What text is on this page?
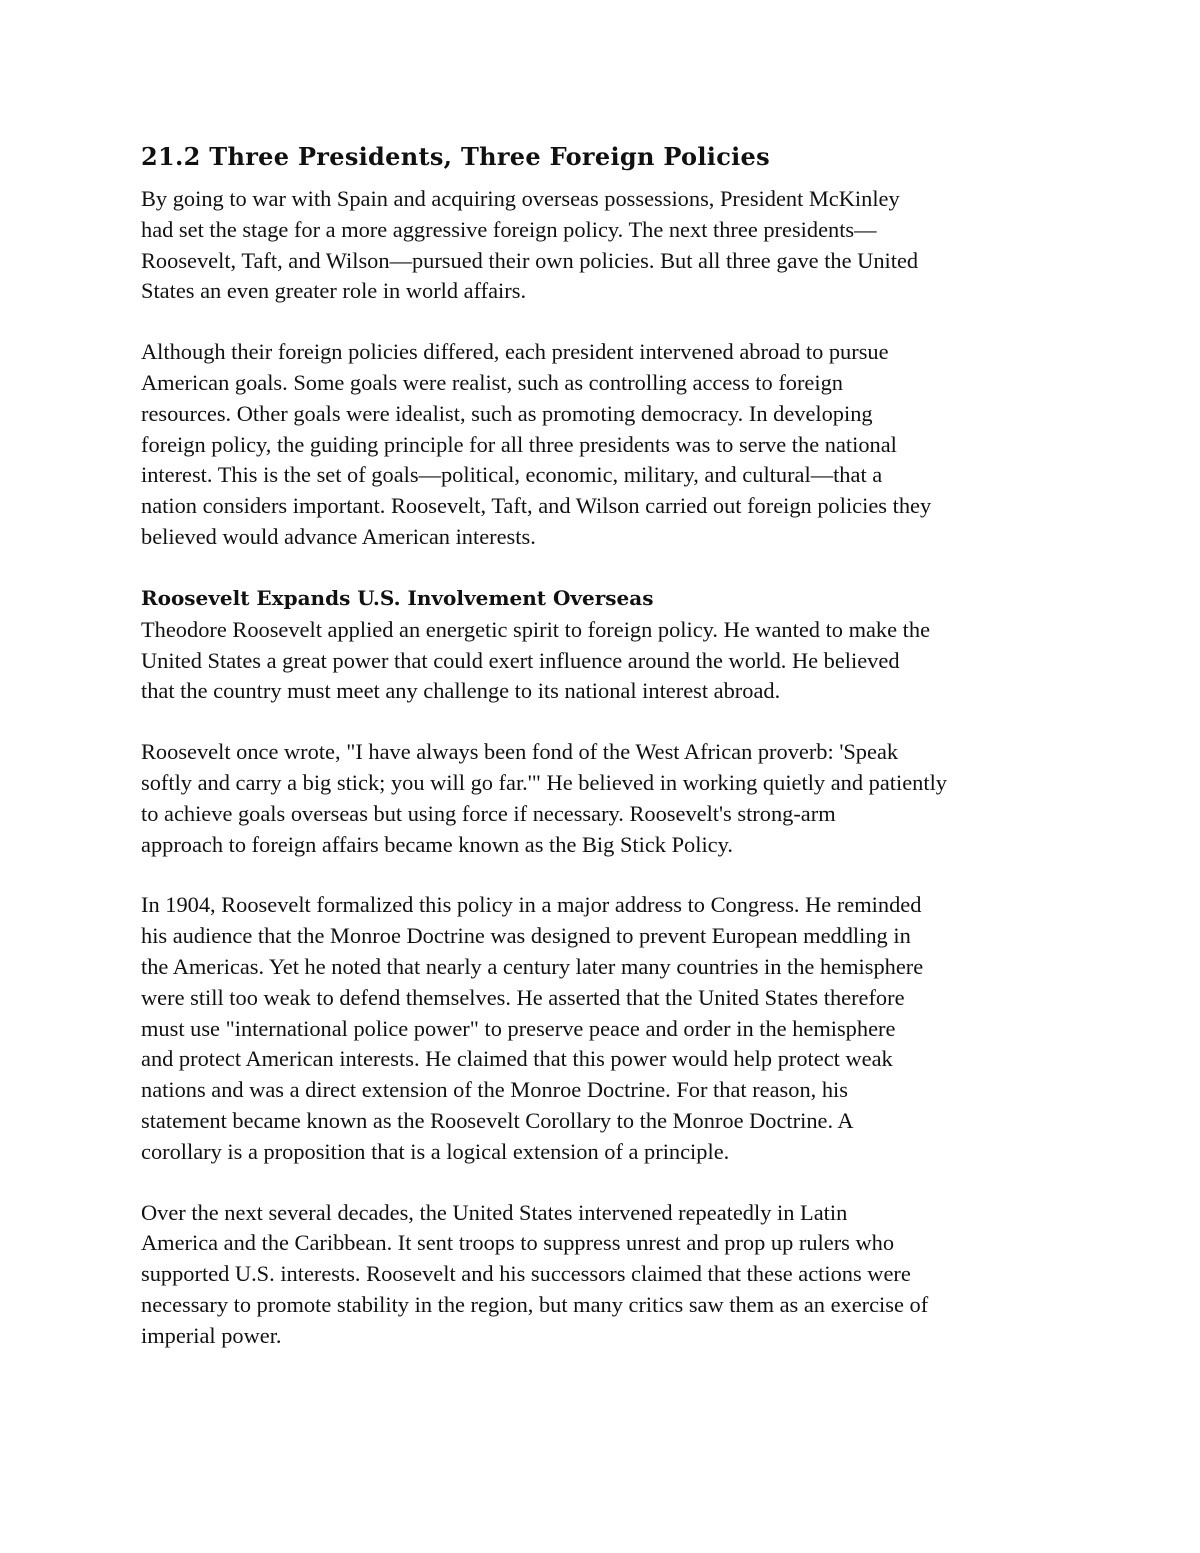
21.2 Three Presidents, Three Foreign Policies

By going to war with Spain and acquiring overseas possessions, President McKinley
had set the stage for a more aggressive foreign policy. The next three presidents—
Roosevelt, Taft, and Wilson—pursued their own policies. But all three gave the United
States an even greater role in world affairs.

Although their foreign policies differed, each president intervened abroad to pursue
American goals. Some goals were realist, such as controlling access to foreign
resources. Other goals were idealist, such as promoting democracy. In developing
foreign policy, the guiding principle for all three presidents was to serve the national
interest. This is the set of goals—political, economic, military, and cultural—that a
nation considers important. Roosevelt, Taft, and Wilson carried out foreign policies they
believed would advance American interests.

Roosevelt Expands U.S. Involvement Overseas

Theodore Roosevelt applied an energetic spirit to foreign policy. He wanted to make the
United States a great power that could exert influence around the world. He believed
that the country must meet any challenge to its national interest abroad.

Roosevelt once wrote, "I have always been fond of the West African proverb: 'Speak
softly and carry a big stick; you will go far.'" He believed in working quietly and patiently
to achieve goals overseas but using force if necessary. Roosevelt's strong-arm
approach to foreign affairs became known as the Big Stick Policy.

In 1904, Roosevelt formalized this policy in a major address to Congress. He reminded
his audience that the Monroe Doctrine was designed to prevent European meddling in
the Americas. Yet he noted that nearly a century later many countries in the hemisphere
were still too weak to defend themselves. He asserted that the United States therefore
must use "international police power" to preserve peace and order in the hemisphere
and protect American interests. He claimed that this power would help protect weak
nations and was a direct extension of the Monroe Doctrine. For that reason, his
statement became known as the Roosevelt Corollary to the Monroe Doctrine. A
corollary is a proposition that is a logical extension of a principle.

Over the next several decades, the United States intervened repeatedly in Latin
America and the Caribbean. It sent troops to suppress unrest and prop up rulers who
supported U.S. interests. Roosevelt and his successors claimed that these actions were
necessary to promote stability in the region, but many critics saw them as an exercise of
imperial power.
